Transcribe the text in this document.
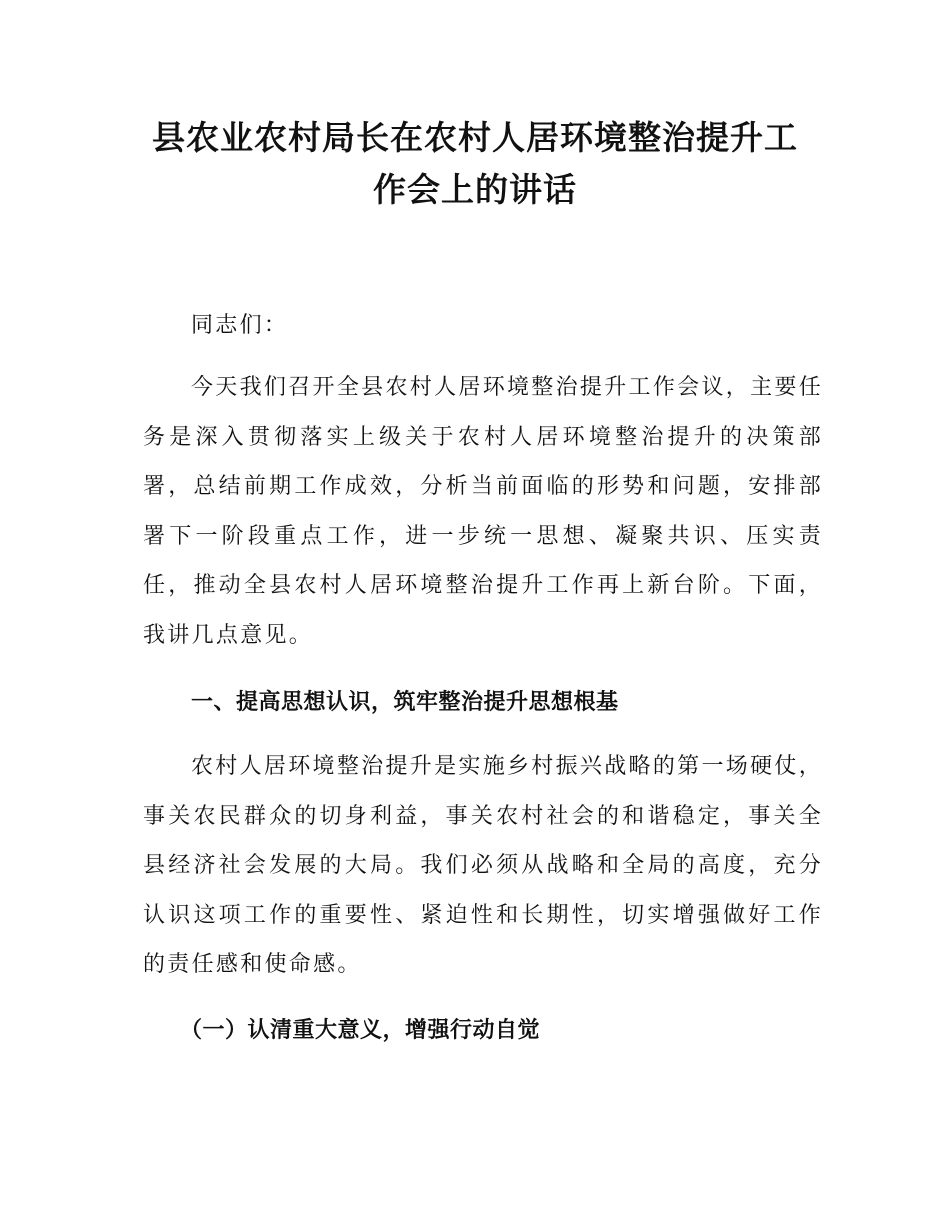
县农业农村局长在农村人居环境整治提升工
作会上的讲话

同志们：

今天我们召开全县农村人居环境整治提升工作会议，主要任务是深入贯彻落实上级关于农村人居环境整治提升的决策部署，总结前期工作成效，分析当前面临的形势和问题，安排部署下一阶段重点工作，进一步统一思想、凝聚共识、压实责任，推动全县农村人居环境整治提升工作再上新台阶。下面，我讲几点意见。

一、提高思想认识，筑牢整治提升思想根基

农村人居环境整治提升是实施乡村振兴战略的第一场硬仗，事关农民群众的切身利益，事关农村社会的和谐稳定，事关全县经济社会发展的大局。我们必须从战略和全局的高度，充分认识这项工作的重要性、紧迫性和长期性，切实增强做好工作的责任感和使命感。

（一）认清重大意义，增强行动自觉
